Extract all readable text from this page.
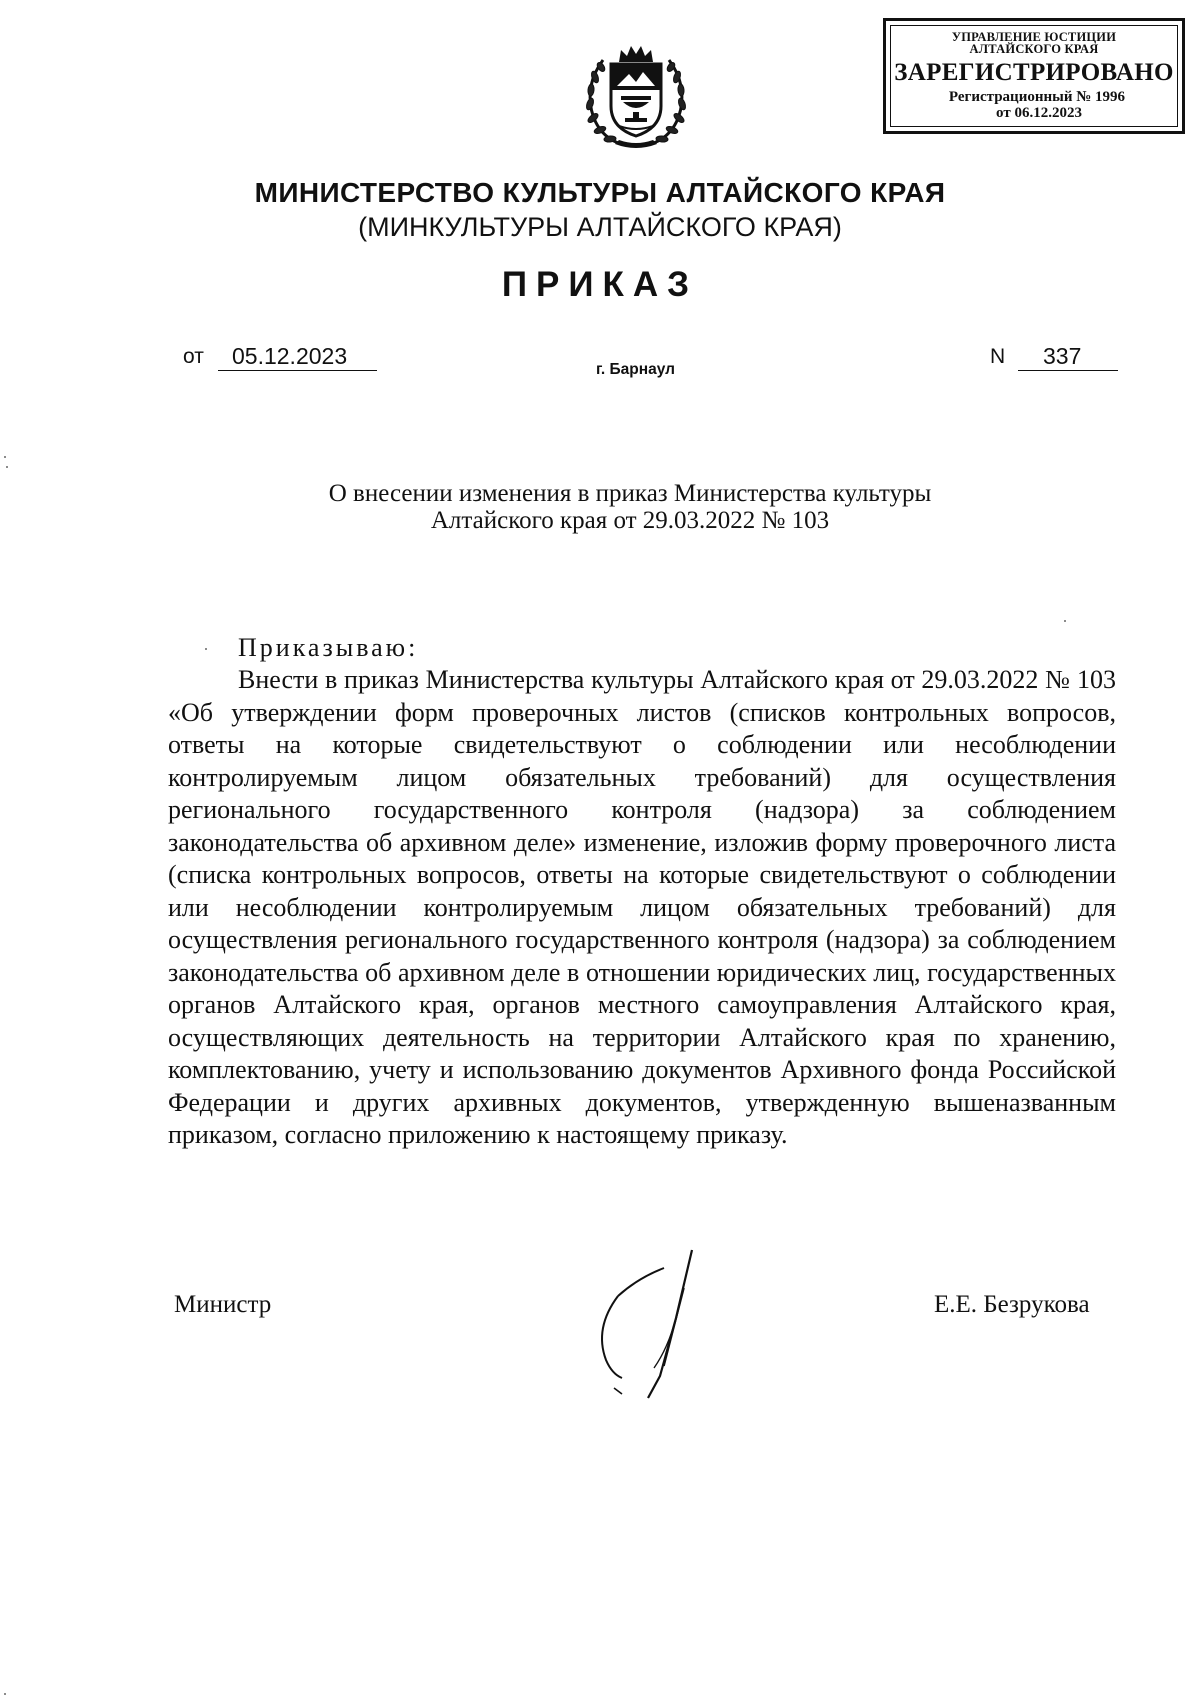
УПРАВЛЕНИЕ ЮСТИЦИИ
АЛТАЙСКОГО КРАЯ
ЗАРЕГИСТРИРОВАНО
Регистрационный № 1996
от 06.12.2023
МИНИСТЕРСТВО КУЛЬТУРЫ АЛТАЙСКОГО КРАЯ
(МИНКУЛЬТУРЫ АЛТАЙСКОГО КРАЯ)
ПРИКАЗ
от 05.12.2023
г. Барнаул
N 337
О внесении изменения в приказ Министерства культуры
Алтайского края от 29.03.2022 № 103
Приказываю:
Внести в приказ Министерства культуры Алтайского края от 29.03.2022 № 103 «Об утверждении форм проверочных листов (списков контрольных вопросов, ответы на которые свидетельствуют о соблюдении или несоблюдении контролируемым лицом обязательных требований) для осуществления регионального государственного контроля (надзора) за соблюдением законодательства об архивном деле» изменение, изложив форму проверочного листа (списка контрольных вопросов, ответы на которые свидетельствуют о соблюдении или несоблюдении контролируемым лицом обязательных требований) для осуществления регионального государственного контроля (надзора) за соблюдением законодательства об архивном деле в отношении юридических лиц, государственных органов Алтайского края, органов местного самоуправления Алтайского края, осуществляющих деятельность на территории Алтайского края по хранению, комплектованию, учету и использованию документов Архивного фонда Российской Федерации и других архивных документов, утвержденную вышеназванным приказом, согласно приложению к настоящему приказу.
Министр	Е.Е. Безрукова
